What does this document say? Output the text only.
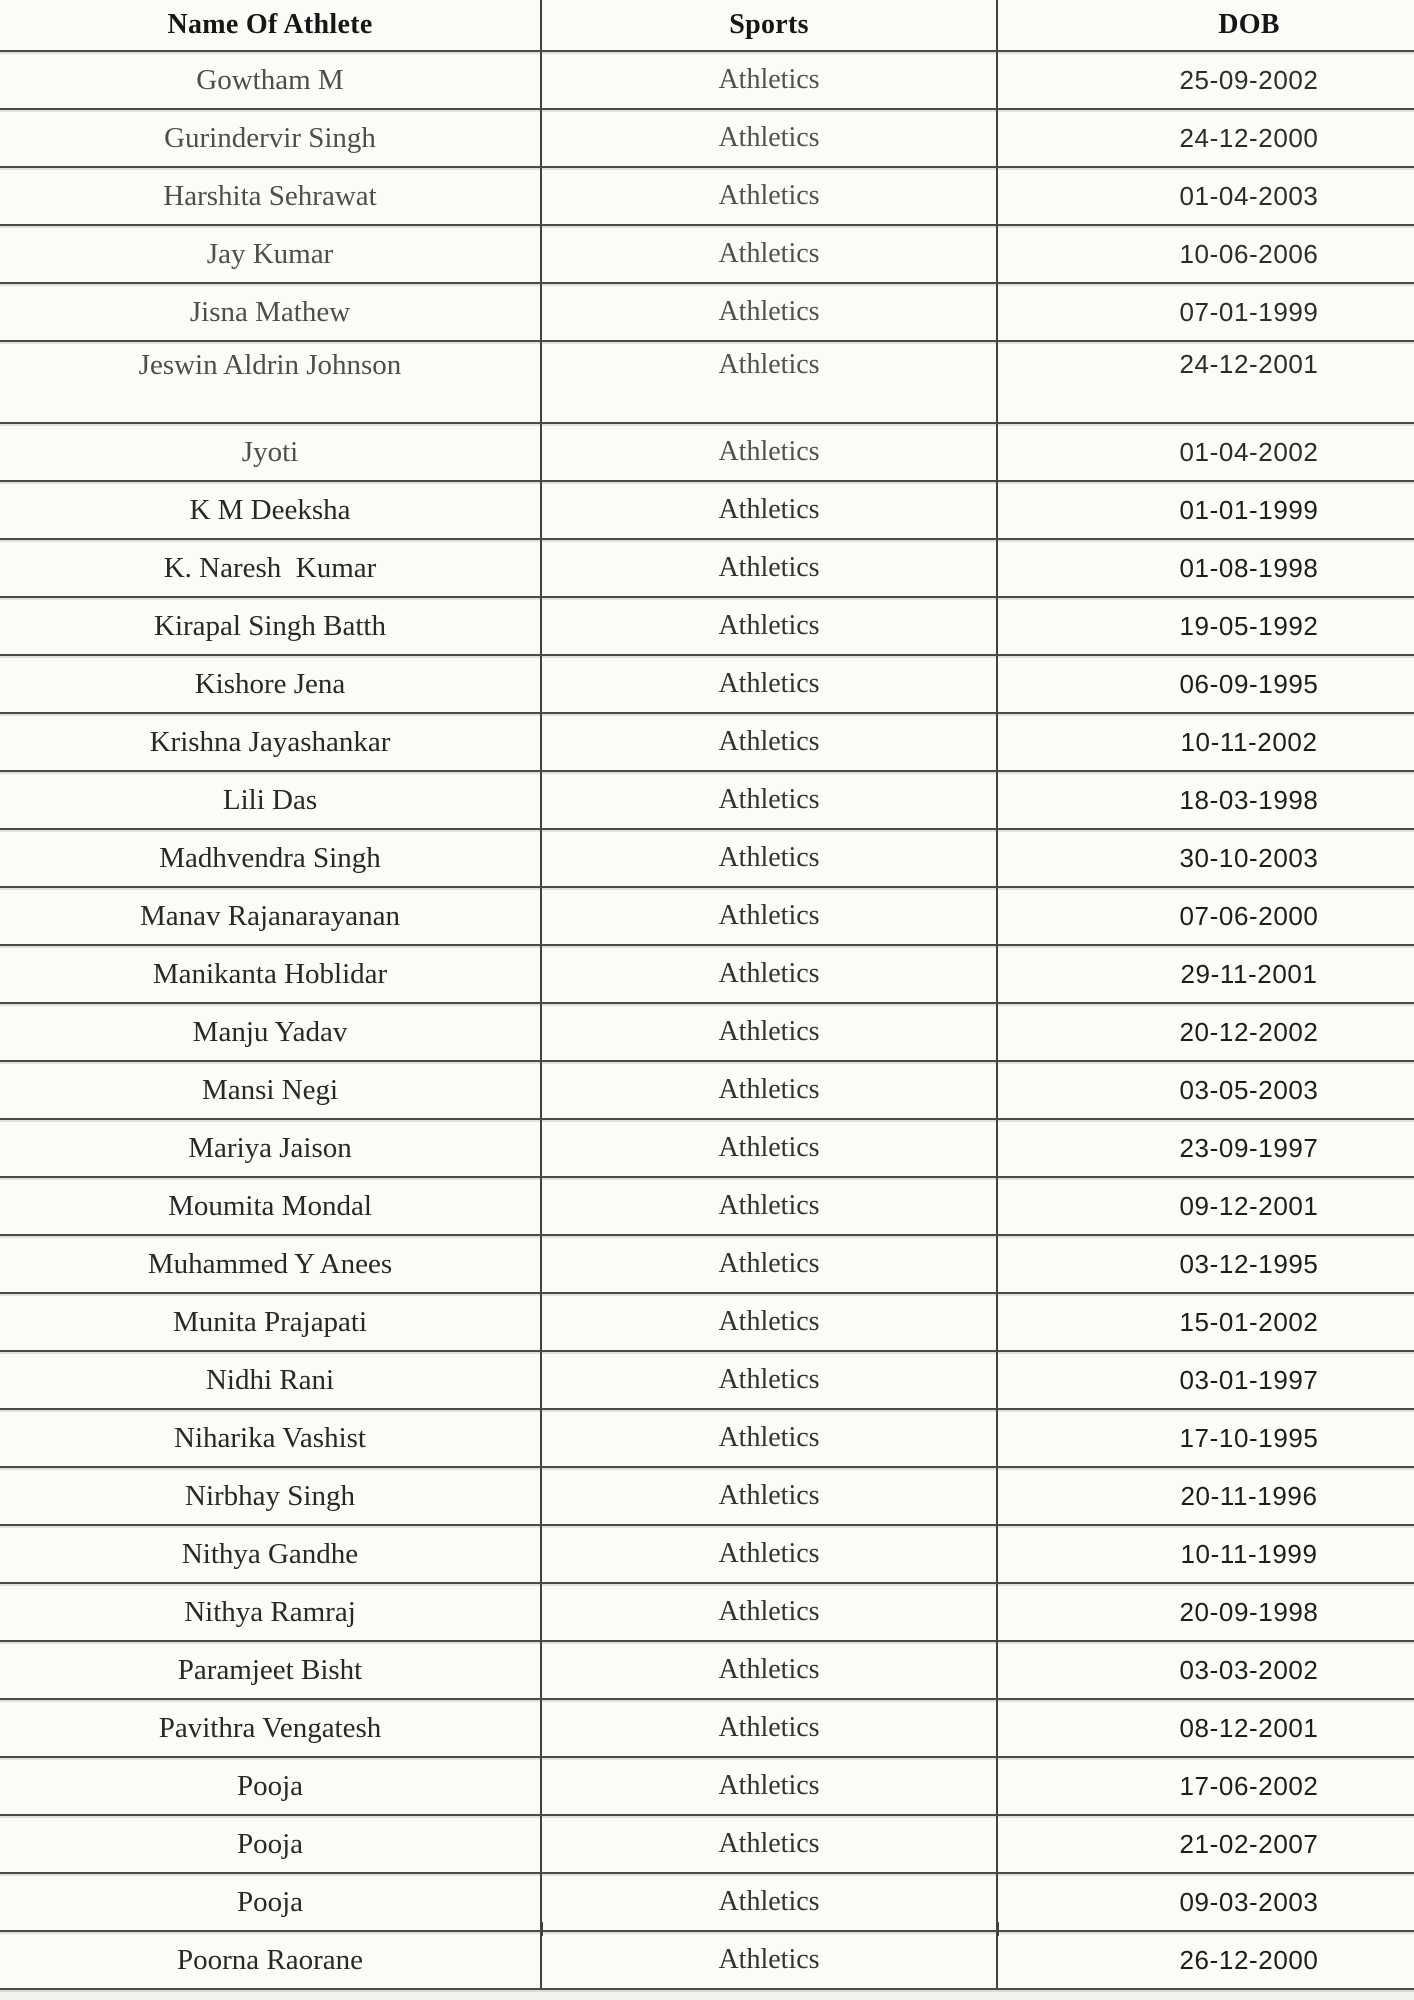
Name Of Athlete	Sports	DOB
Gowtham M	Athletics	25-09-2002
Gurindervir Singh	Athletics	24-12-2000
Harshita Sehrawat	Athletics	01-04-2003
Jay Kumar	Athletics	10-06-2006
Jisna Mathew	Athletics	07-01-1999
Jeswin Aldrin Johnson	Athletics	24-12-2001
Jyoti	Athletics	01-04-2002
K M Deeksha	Athletics	01-01-1999
K. Naresh  Kumar	Athletics	01-08-1998
Kirapal Singh Batth	Athletics	19-05-1992
Kishore Jena	Athletics	06-09-1995
Krishna Jayashankar	Athletics	10-11-2002
Lili Das	Athletics	18-03-1998
Madhvendra Singh	Athletics	30-10-2003
Manav Rajanarayanan	Athletics	07-06-2000
Manikanta Hoblidar	Athletics	29-11-2001
Manju Yadav	Athletics	20-12-2002
Mansi Negi	Athletics	03-05-2003
Mariya Jaison	Athletics	23-09-1997
Moumita Mondal	Athletics	09-12-2001
Muhammed Y Anees	Athletics	03-12-1995
Munita Prajapati	Athletics	15-01-2002
Nidhi Rani	Athletics	03-01-1997
Niharika Vashist	Athletics	17-10-1995
Nirbhay Singh	Athletics	20-11-1996
Nithya Gandhe	Athletics	10-11-1999
Nithya Ramraj	Athletics	20-09-1998
Paramjeet Bisht	Athletics	03-03-2002
Pavithra Vengatesh	Athletics	08-12-2001
Pooja	Athletics	17-06-2002
Pooja	Athletics	21-02-2007
Pooja	Athletics	09-03-2003
Poorna Raorane	Athletics	26-12-2000
